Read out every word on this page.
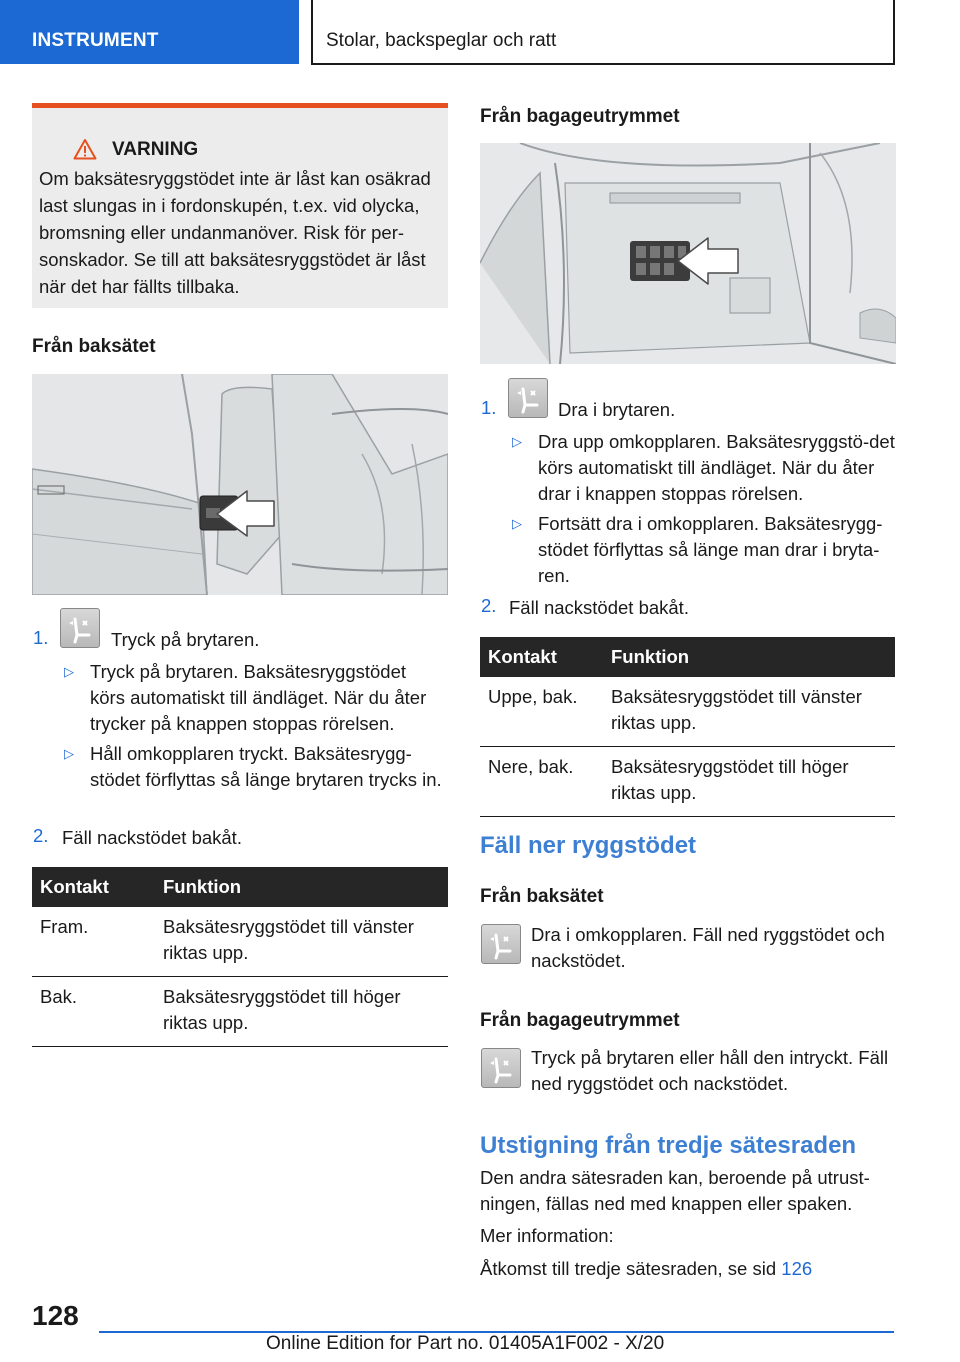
INSTRUMENT	Stolar, backspeglar och ratt
VARNING
Om baksätesryggstödet inte är låst kan osäkrad last slungas in i fordonskupén, t.ex. vid olycka, bromsning eller undanmanöver. Risk för per-sonskador. Se till att baksätesryggstödet är låst när det har fällts tillbaka.
Från baksätet
1.	Tryck på brytaren.
▷ Tryck på brytaren. Baksätesryggstödet körs automatiskt till ändläget. När du åter trycker på knappen stoppas rörelsen.
▷ Håll omkopplaren tryckt. Baksätesrygg-stödet förflyttas så länge brytaren trycks in.
2. Fäll nackstödet bakåt.
Kontakt	Funktion
Fram.	Baksätesryggstödet till vänster riktas upp.
Bak.	Baksätesryggstödet till höger riktas upp.
Från bagageutrymmet
1.	Dra i brytaren.
▷ Dra upp omkopplaren. Baksätesryggstö-det körs automatiskt till ändläget. När du åter drar i knappen stoppas rörelsen.
▷ Fortsätt dra i omkopplaren. Baksätesrygg-stödet förflyttas så länge man drar i bryta-ren.
2. Fäll nackstödet bakåt.
Kontakt	Funktion
Uppe, bak.	Baksätesryggstödet till vänster riktas upp.
Nere, bak.	Baksätesryggstödet till höger riktas upp.
Fäll ner ryggstödet
Från baksätet
Dra i omkopplaren. Fäll ned ryggstödet och nackstödet.
Från bagageutrymmet
Tryck på brytaren eller håll den intryckt. Fäll ned ryggstödet och nackstödet.
Utstigning från tredje sätesraden
Den andra sätesraden kan, beroende på utrust-ningen, fällas ned med knappen eller spaken.
Mer information:
Åtkomst till tredje sätesraden, se sid 126
128
Online Edition for Part no. 01405A1F002 - X/20
